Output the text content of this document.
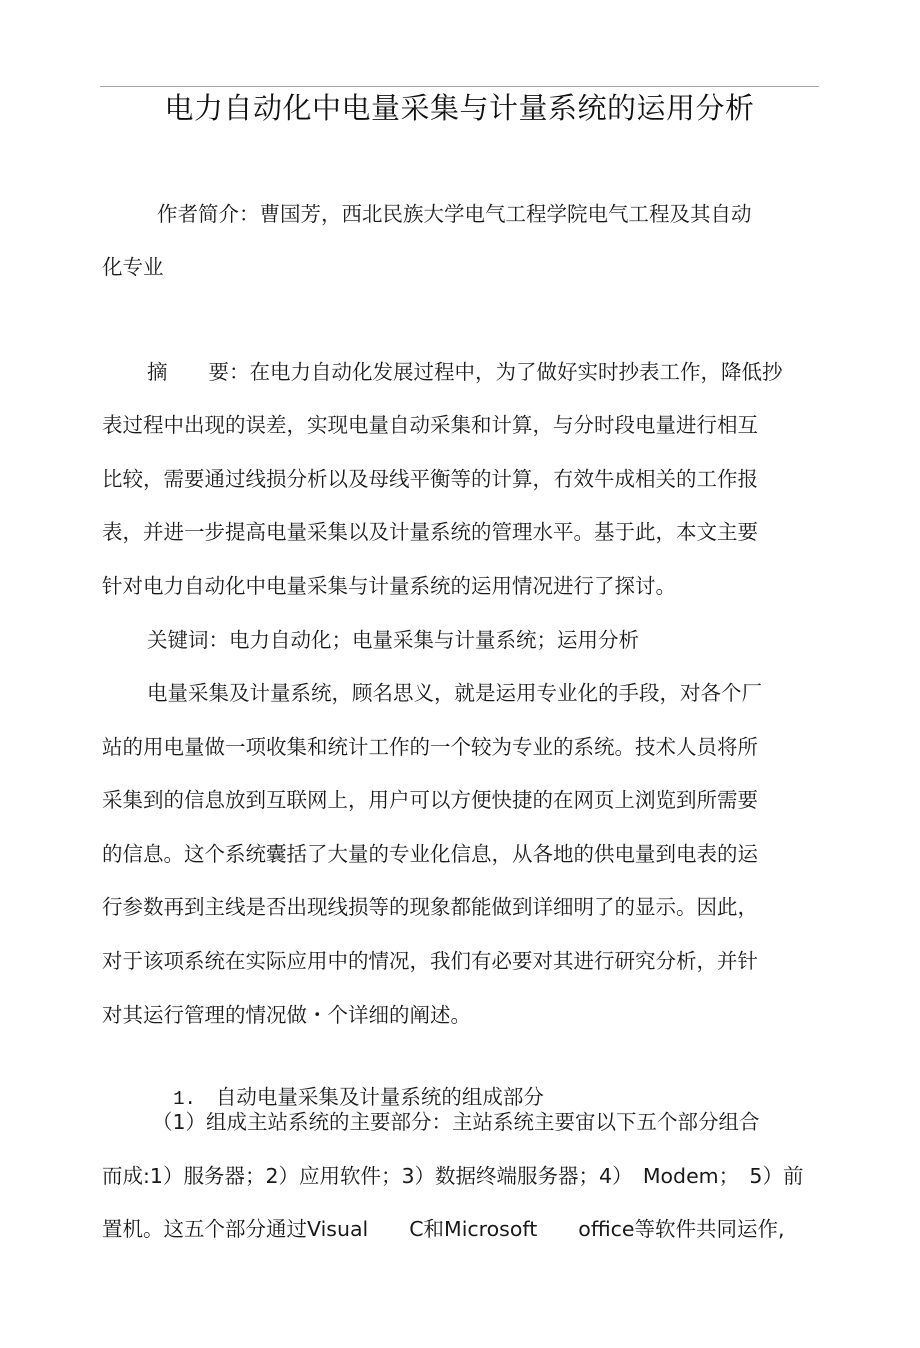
电力自动化中电量采集与计量系统的运用分析
作者简介：曹国芳，西北民族大学电气工程学院电气工程及其自动
化专业
摘　　要：在电力自动化发展过程中，为了做好实时抄表工作，降低抄
表过程中出现的误差，实现电量自动采集和计算，与分时段电量进行相互
比较，需要通过线损分析以及母线平衡等的计算，冇效牛成相关的工作报
表，并进一步提高电量采集以及计量系统的管理水平。基于此，本文主要
针对电力自动化中电量采集与计量系统的运用情况进行了探讨。
关键词：电力自动化；电量采集与计量系统；运用分析
电量采集及计量系统，顾名思义，就是运用专业化的手段，对各个厂
站的用电量做一项收集和统计工作的一个较为专业的系统。技术人员将所
采集到的信息放到互联网上，用户可以方便快捷的在网页上浏览到所需要
的信息。这个系统囊括了大量的专业化信息，从各地的供电量到电表的运
行参数再到主线是否出现线损等的现象都能做到详细明了的显示。因此，
对于该项系统在实际应用中的情况，我们有必要对其进行研究分析，并针
对其运行管理的情况做・个详细的阐述。

1. 自动电量采集及计量系统的组成部分

（1）组成主站系统的主要部分：主站系统主要宙以下五个部分组合
而成:1）服务器；2）应用软件；3）数据终端服务器；4）　Modem；　5）前
置机。这五个部分通过Visual　　C和Microsoft　　office等软件共同运作,
